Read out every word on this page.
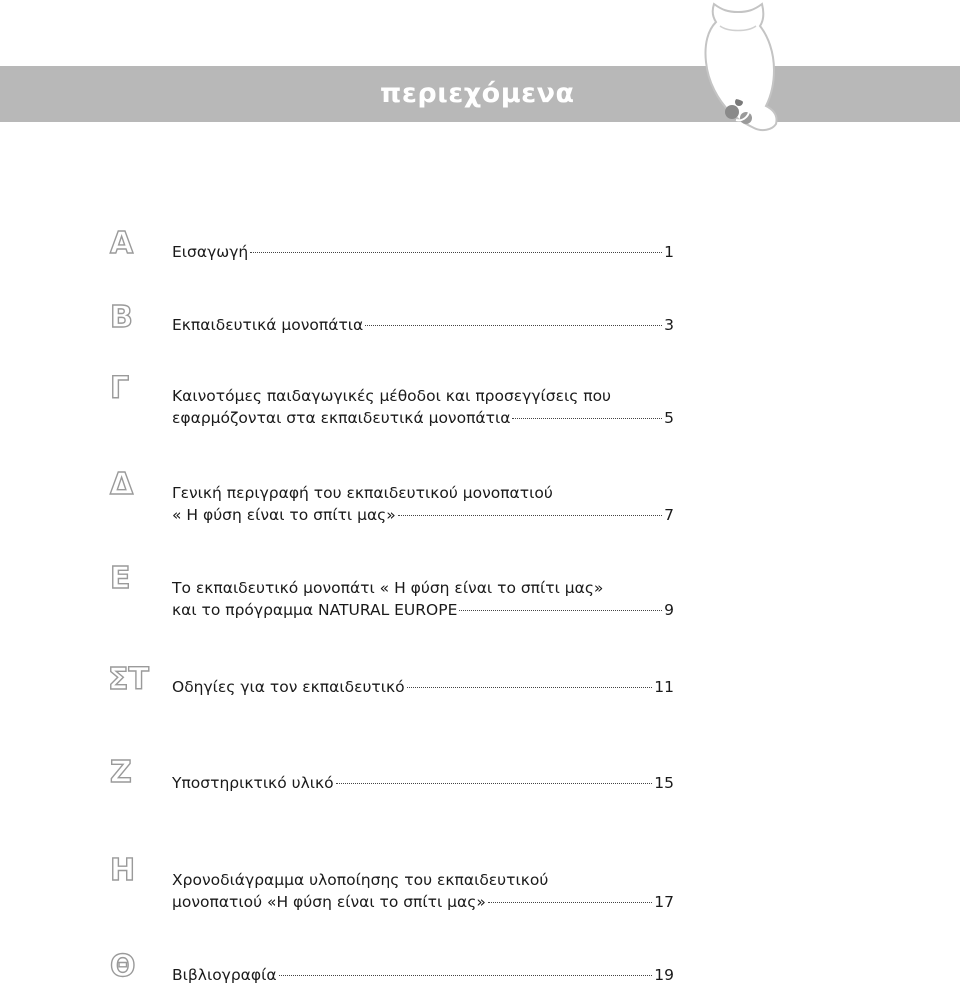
περιεχόμενα
Α	Εισαγωγή	1
Β	Εκπαιδευτικά μονοπάτια	3
Γ	Καινοτόμες παιδαγωγικές μέθοδοι και προσεγγίσεις που
εφαρμόζονται στα εκπαιδευτικά μονοπάτια	5
Δ	Γενική περιγραφή του εκπαιδευτικού μονοπατιού
« Η φύση είναι το σπίτι μας»	7
Ε	Το εκπαιδευτικό μονοπάτι « Η φύση είναι το σπίτι μας»
και το πρόγραμμα NATURAL EUROPE	9
ΣΤ Οδηγίες για τον εκπαιδευτικό	11
Ζ	Υποστηρικτικό υλικό	15
Η Χρονοδιάγραμμα υλοποίησης του εκπαιδευτικού
μονοπατιού «Η φύση είναι το σπίτι μας»	17
Θ Βιβλιογραφία	19
